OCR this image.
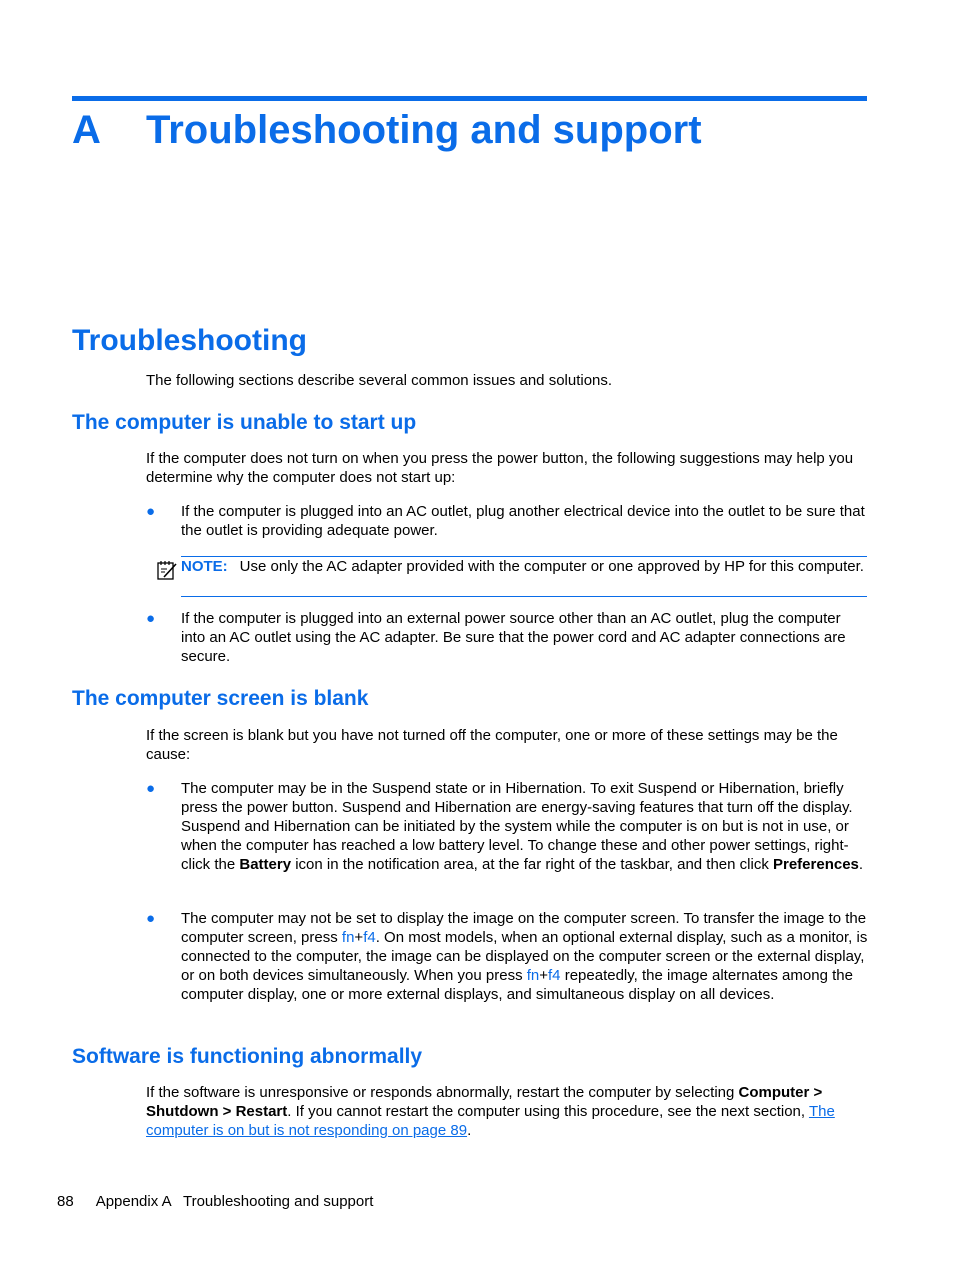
A Troubleshooting and support
Troubleshooting
The following sections describe several common issues and solutions.
The computer is unable to start up
If the computer does not turn on when you press the power button, the following suggestions may help you determine why the computer does not start up:
● If the computer is plugged into an AC outlet, plug another electrical device into the outlet to be sure that the outlet is providing adequate power.
NOTE: Use only the AC adapter provided with the computer or one approved by HP for this computer.
● If the computer is plugged into an external power source other than an AC outlet, plug the computer into an AC outlet using the AC adapter. Be sure that the power cord and AC adapter connections are secure.
The computer screen is blank
If the screen is blank but you have not turned off the computer, one or more of these settings may be the cause:
● The computer may be in the Suspend state or in Hibernation. To exit Suspend or Hibernation, briefly press the power button. Suspend and Hibernation are energy-saving features that turn off the display. Suspend and Hibernation can be initiated by the system while the computer is on but is not in use, or when the computer has reached a low battery level. To change these and other power settings, right-click the Battery icon in the notification area, at the far right of the taskbar, and then click Preferences.
● The computer may not be set to display the image on the computer screen. To transfer the image to the computer screen, press fn+f4. On most models, when an optional external display, such as a monitor, is connected to the computer, the image can be displayed on the computer screen or the external display, or on both devices simultaneously. When you press fn+f4 repeatedly, the image alternates among the computer display, one or more external displays, and simultaneous display on all devices.
Software is functioning abnormally
If the software is unresponsive or responds abnormally, restart the computer by selecting Computer > Shutdown > Restart. If you cannot restart the computer using this procedure, see the next section, The computer is on but is not responding on page 89.
88 Appendix A   Troubleshooting and support
